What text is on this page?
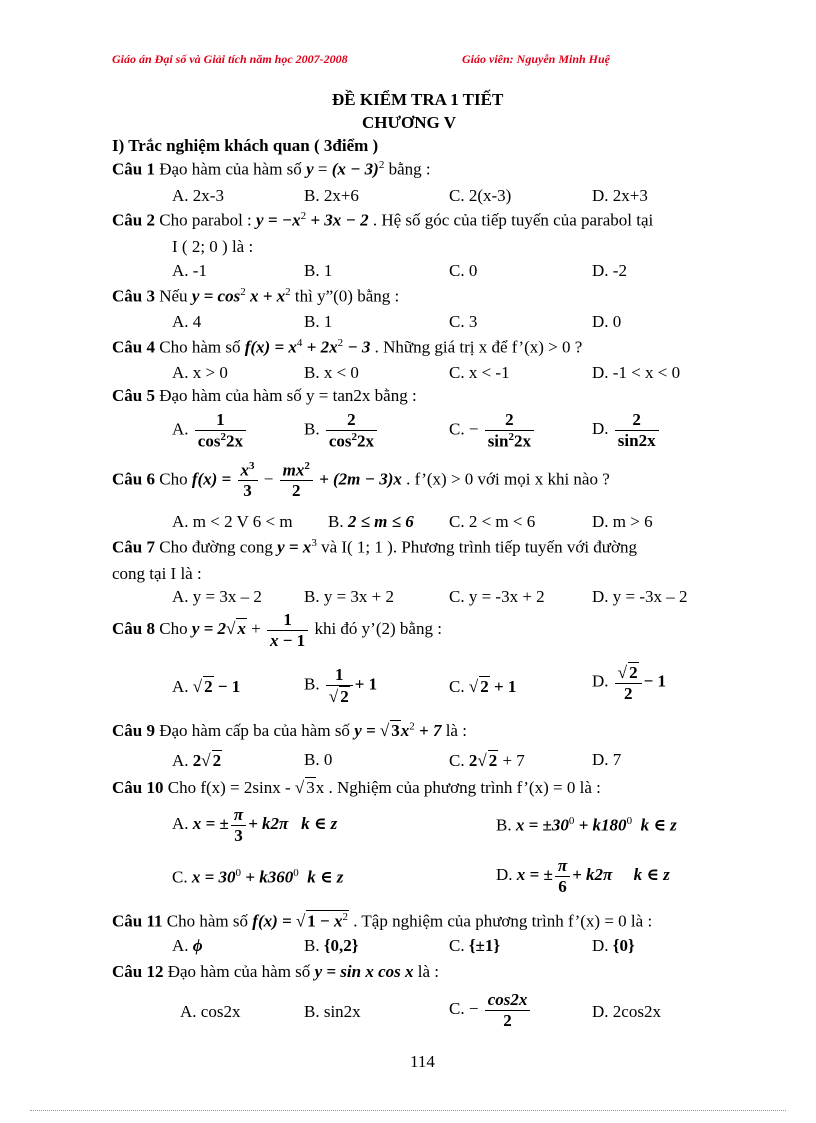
Giáo án Đại số và Giải tích năm học 2007-2008	Giáo viên: Nguyễn Minh Huệ
ĐỀ KIỂM TRA 1 TIẾT
CHƯƠNG V
I) Trắc nghiệm khách quan ( 3điểm )
Câu 1 Đạo hàm của hàm số $y = (x - 3)^2$ bằng :
A. 2x-3	B. 2x+6	C. 2(x-3)	D. 2x+3
Câu 2 Cho parabol : $y = -x^2 + 3x - 2$ . Hệ số góc của tiếp tuyến của parabol tại
I ( 2; 0 ) là :
A. -1	B. 1	C. 0	D. -2
Câu 3 Nếu $y = \cos^2 x + x^2$ thì y”(0) bằng :
A. 4	B. 1	C. 3	D. 0
Câu 4 Cho hàm số $f(x) = x^4 + 2x^2 - 3$ . Những giá trị x để f’(x) > 0 ?
A. x > 0	B. x < 0	C. x < -1	D. -1 < x < 0
Câu 5 Đạo hàm của hàm số y = tan2x bằng :
A. $\frac{1}{\cos^22x}$	B. $\frac{2}{\cos^22x}$	C. − $\frac{2}{\sin^22x}$	D. $\frac{2}{\sin 2x}$
Câu 6 Cho $f(x) = \frac{x^3}{3} - \frac{mx^2}{2} + (2m - 3)x$ . f’(x) > 0 với mọi x khi nào ?
A. m < 2 V 6 < m B. 2 ≤ m ≤ 6 C. 2 < m < 6	D. m > 6
Câu 7 Cho đường cong $y = x^3$ và I( 1; 1 ). Phương trình tiếp tuyến với đường
cong tại I là :
A. y = 3x – 2 B. y = 3x + 2	C. y = -3x + 2	D. y = -3x – 2
Câu 8 Cho y = 2√ $x + \frac{1}{x - 1}$ khi đó y’(2) bằng :
A. √ 2 − 1	B. $\frac{1}{√ 2} + 1$	C. √ 2 + 1	D. $\frac{√ 2}{2} - 1$
Câu 9 Đạo hàm cấp ba của hàm số y = √ $3x^2 + 7$ là :
A. 2√ 2	B. 0	C. 2√ 2 + 7	D. 7
Câu 10 Cho f(x) = 2sinx - √ 3x . Nghiệm của phương trình f’(x) = 0 là :
A. x = ± $\frac{\pi}{3} + k2\pi$ k ∈ z	B. $x = \pm 30^0 + k180^0$ k ∈ z
C. $x = 30^0 + k360^0$ k ∈ z	D. x = ± $\frac{\pi}{6} + k2\pi$ k ∈ z
Câu 11 Cho hàm số f(x) = √ $1 - x^2$ . Tập nghiệm của phương trình f’(x) = 0 là :
A. ϕ	B. {0,2}	C. {±1}	D. {0}
Câu 12 Đạo hàm của hàm số y = sin x cos x là :
A. cos2x	B. sin2x	C. − $\frac{\cos 2x}{2}$	D. 2cos2x
114
